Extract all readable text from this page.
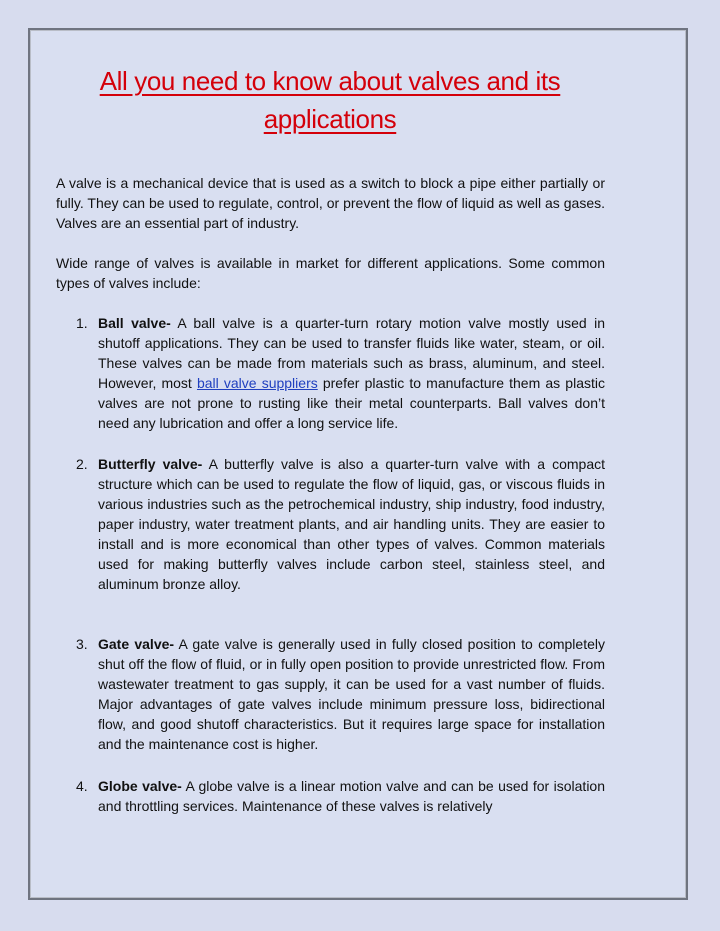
All you need to know about valves and its applications

A valve is a mechanical device that is used as a switch to block a pipe either partially or fully. They can be used to regulate, control, or prevent the flow of liquid as well as gases. Valves are an essential part of industry.

Wide range of valves is available in market for different applications. Some common types of valves include:

1. Ball valve- A ball valve is a quarter-turn rotary motion valve mostly used in shutoff applications. They can be used to transfer fluids like water, steam, or oil. These valves can be made from materials such as brass, aluminum, and steel. However, most ball valve suppliers prefer plastic to manufacture them as plastic valves are not prone to rusting like their metal counterparts. Ball valves don’t need any lubrication and offer a long service life.
2. Butterfly valve- A butterfly valve is also a quarter-turn valve with a compact structure which can be used to regulate the flow of liquid, gas, or viscous fluids in various industries such as the petrochemical industry, ship industry, food industry, paper industry, water treatment plants, and air handling units. They are easier to install and is more economical than other types of valves. Common materials used for making butterfly valves include carbon steel, stainless steel, and aluminum bronze alloy.
3. Gate valve- A gate valve is generally used in fully closed position to completely shut off the flow of fluid, or in fully open position to provide unrestricted flow. From wastewater treatment to gas supply, it can be used for a vast number of fluids. Major advantages of gate valves include minimum pressure loss, bidirectional flow, and good shutoff characteristics. But it requires large space for installation and the maintenance cost is higher.
4. Globe valve- A globe valve is a linear motion valve and can be used for isolation and throttling services. Maintenance of these valves is relatively
